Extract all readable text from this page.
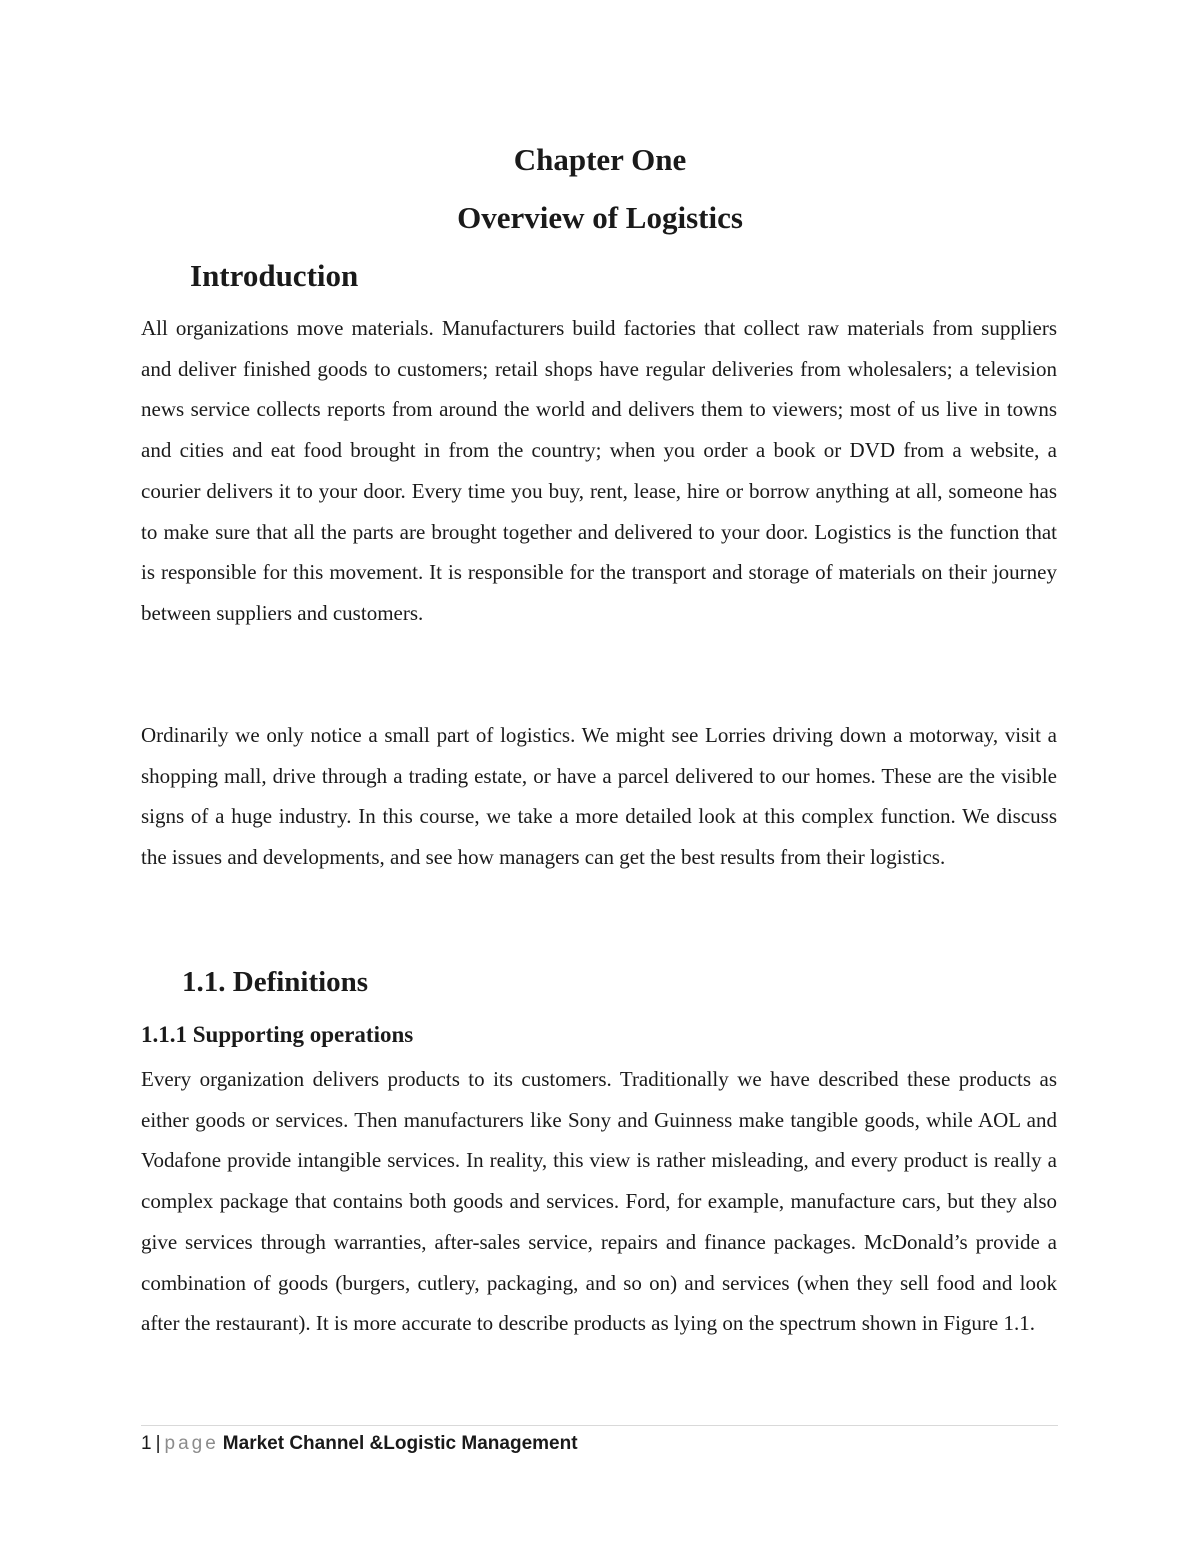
Chapter One
Overview of Logistics
Introduction

All organizations move materials. Manufacturers build factories that collect raw materials from suppliers and deliver finished goods to customers; retail shops have regular deliveries from wholesalers; a television news service collects reports from around the world and delivers them to viewers; most of us live in towns and cities and eat food brought in from the country; when you order a book or DVD from a website, a courier delivers it to your door. Every time you buy, rent, lease, hire or borrow anything at all, someone has to make sure that all the parts are brought together and delivered to your door. Logistics is the function that is responsible for this movement. It is responsible for the transport and storage of materials on their journey between suppliers and customers.

Ordinarily we only notice a small part of logistics. We might see Lorries driving down a motorway, visit a shopping mall, drive through a trading estate, or have a parcel delivered to our homes. These are the visible signs of a huge industry. In this course, we take a more detailed look at this complex function. We discuss the issues and developments, and see how managers can get the best results from their logistics.

1.1. Definitions
1.1.1 Supporting operations

Every organization delivers products to its customers. Traditionally we have described these products as either goods or services. Then manufacturers like Sony and Guinness make tangible goods, while AOL and Vodafone provide intangible services. In reality, this view is rather misleading, and every product is really a complex package that contains both goods and services. Ford, for example, manufacture cars, but they also give services through warranties, after-sales service, repairs and finance packages. McDonald’s provide a combination of goods (burgers, cutlery, packaging, and so on) and services (when they sell food and look after the restaurant). It is more accurate to describe products as lying on the spectrum shown in Figure 1.1.

1 | page Market Channel &Logistic Management
